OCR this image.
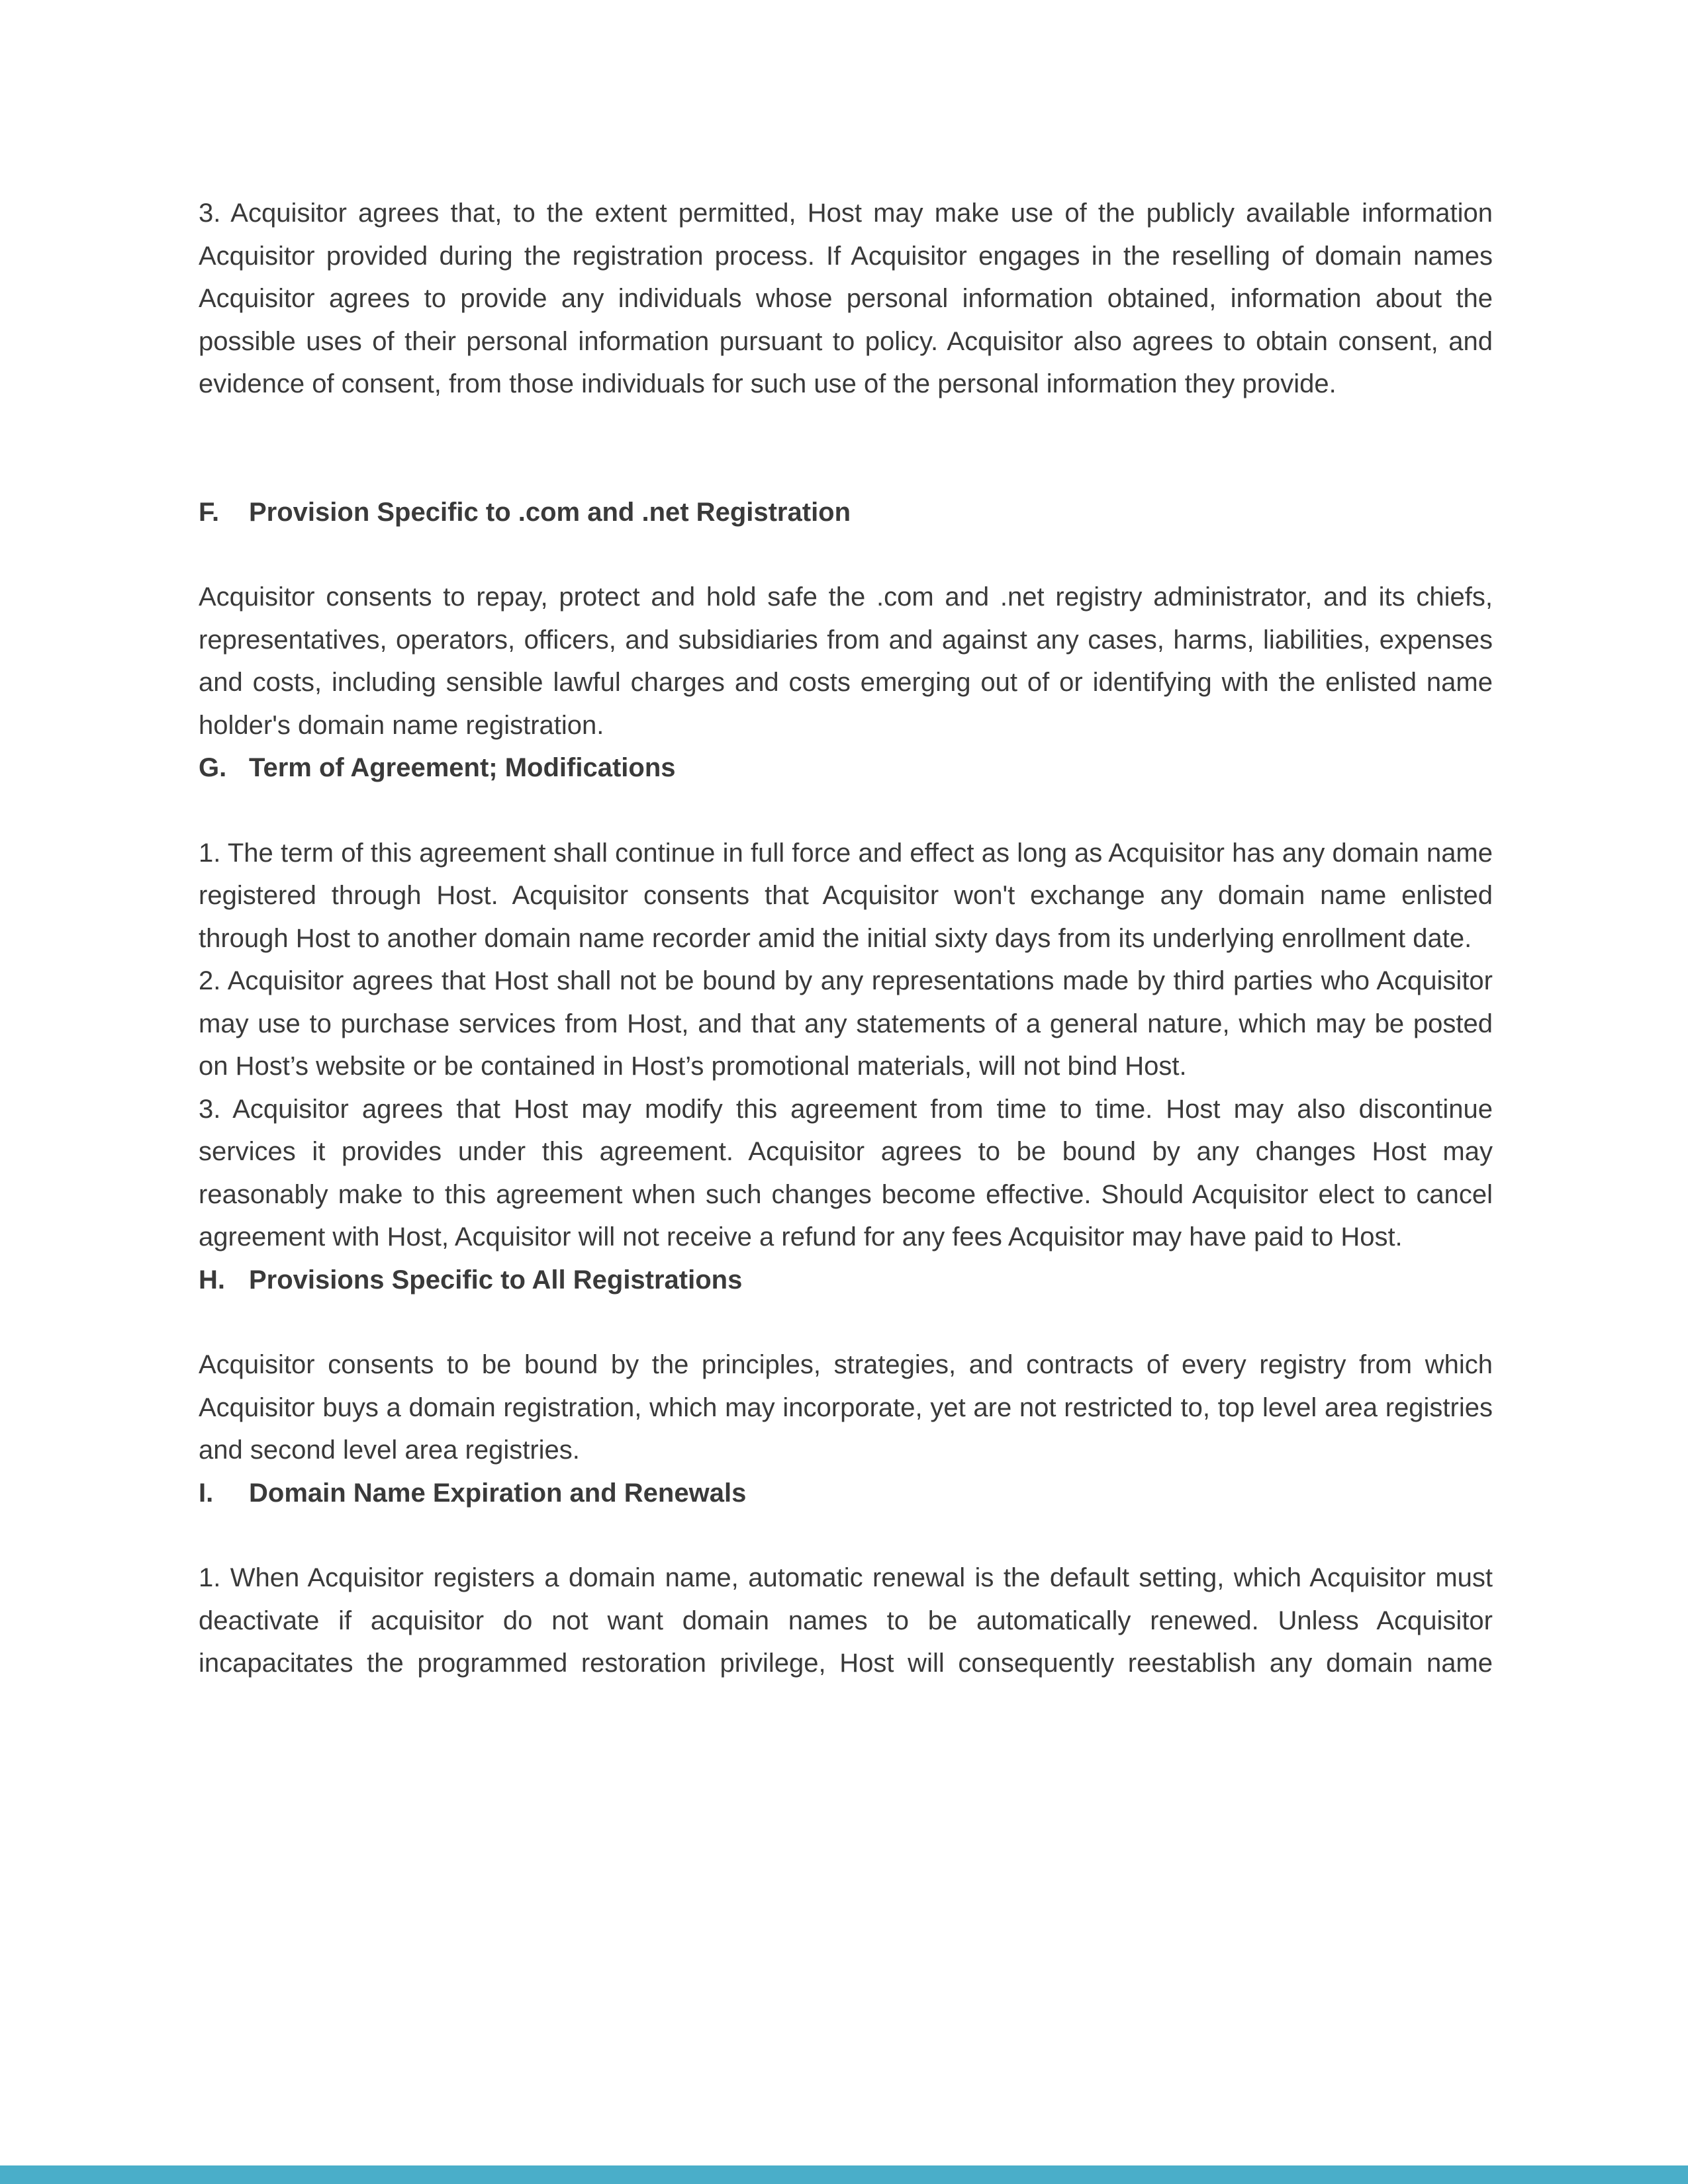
3. Acquisitor agrees that, to the extent permitted, Host may make use of the publicly available information Acquisitor provided during the registration process. If Acquisitor engages in the reselling of domain names Acquisitor agrees to provide any individuals whose personal information obtained, information about the possible uses of their personal information pursuant to policy. Acquisitor also agrees to obtain consent, and evidence of consent, from those individuals for such use of the personal information they provide.

F.	Provision Specific to .com and .net Registration

Acquisitor consents to repay, protect and hold safe the .com and .net registry administrator, and its chiefs, representatives, operators, officers, and subsidiaries from and against any cases, harms, liabilities, expenses and costs, including sensible lawful charges and costs emerging out of or identifying with the enlisted name holder's domain name registration.

G. Term of Agreement; Modifications

1. The term of this agreement shall continue in full force and effect as long as Acquisitor has any domain name registered through Host. Acquisitor consents that Acquisitor won't exchange any domain name enlisted through Host to another domain name recorder amid the initial sixty days from its underlying enrollment date.

2. Acquisitor agrees that Host shall not be bound by any representations made by third parties who Acquisitor may use to purchase services from Host, and that any statements of a general nature, which may be posted on Host’s website or be contained in Host’s promotional materials, will not bind Host.

3. Acquisitor agrees that Host may modify this agreement from time to time. Host may also discontinue services it provides under this agreement. Acquisitor agrees to be bound by any changes Host may reasonably make to this agreement when such changes become effective. Should Acquisitor elect to cancel agreement with Host, Acquisitor will not receive a refund for any fees Acquisitor may have paid to Host.

H. Provisions Specific to All Registrations

Acquisitor consents to be bound by the principles, strategies, and contracts of every registry from which Acquisitor buys a domain registration, which may incorporate, yet are not restricted to, top level area registries and second level area registries.

I.	Domain Name Expiration and Renewals

1. When Acquisitor registers a domain name, automatic renewal is the default setting, which Acquisitor must deactivate if acquisitor do not want domain names to be automatically renewed. Unless Acquisitor incapacitates the programmed restoration privilege, Host will consequently reestablish any domain name
